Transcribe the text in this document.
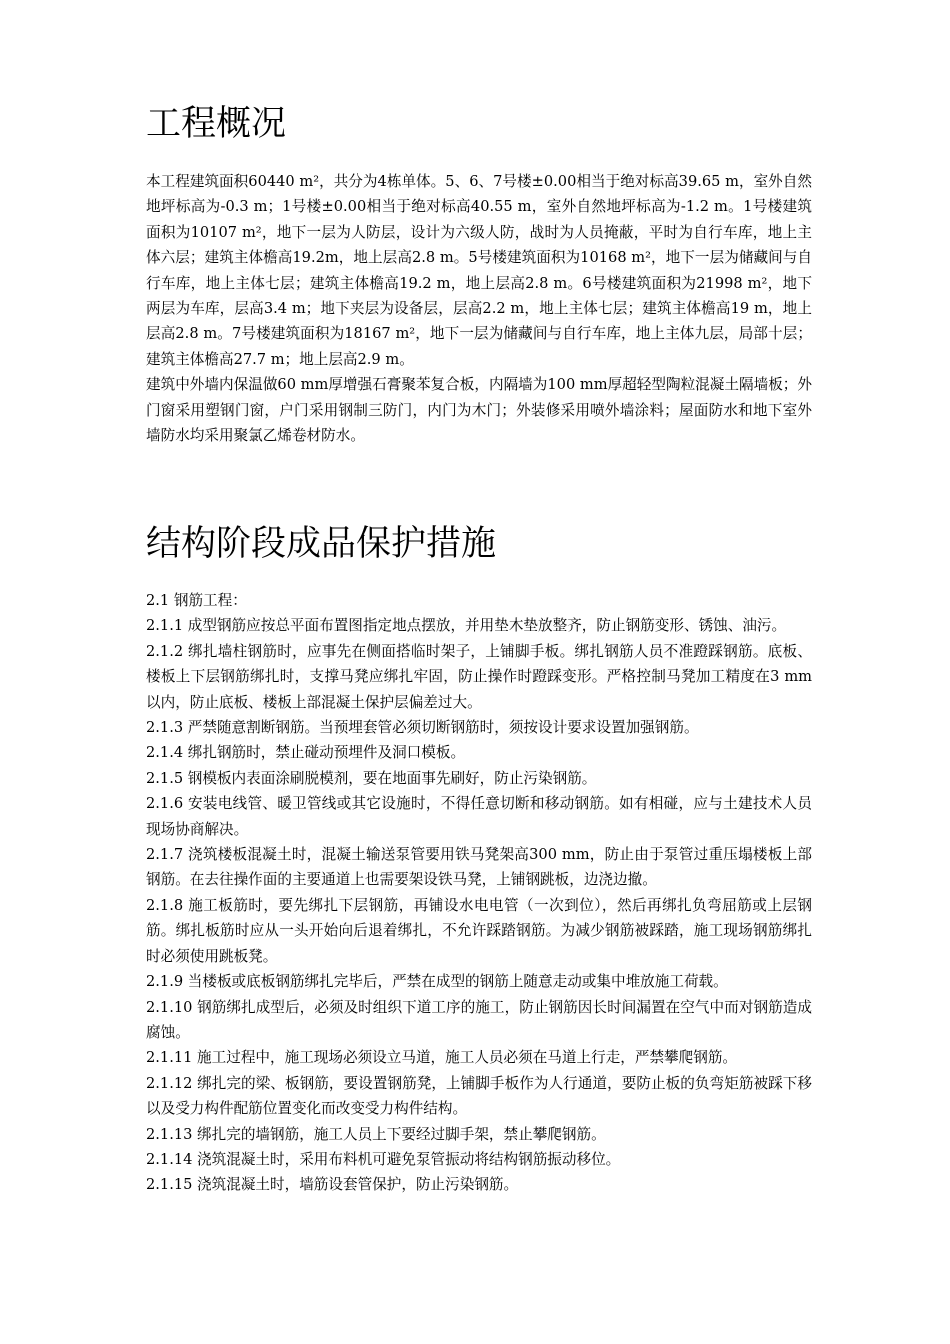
工程概况

本工程建筑面积60440 m²，共分为4栋单体。5、6、7号楼±0.00相当于绝对标高39.65 m，室外自然地坪标高为-0.3 m；1号楼±0.00相当于绝对标高40.55 m，室外自然地坪标高为-1.2 m。1号楼建筑面积为10107 m²，地下一层为人防层，设计为六级人防，战时为人员掩蔽，平时为自行车库，地上主体六层；建筑主体檐高19.2m，地上层高2.8 m。5号楼建筑面积为10168 m²，地下一层为储藏间与自行车库，地上主体七层；建筑主体檐高19.2 m，地上层高2.8 m。6号楼建筑面积为21998 m²，地下两层为车库，层高3.4 m；地下夹层为设备层，层高2.2 m，地上主体七层；建筑主体檐高19 m，地上层高2.8 m。7号楼建筑面积为18167 m²，地下一层为储藏间与自行车库，地上主体九层，局部十层；建筑主体檐高27.7 m；地上层高2.9 m。

建筑中外墙内保温做60 mm厚增强石膏聚苯复合板，内隔墙为100 mm厚超轻型陶粒混凝土隔墙板；外门窗采用塑钢门窗，户门采用钢制三防门，内门为木门；外装修采用喷外墙涂料；屋面防水和地下室外墙防水均采用聚氯乙烯卷材防水。

结构阶段成品保护措施

2.1 钢筋工程：

2.1.1 成型钢筋应按总平面布置图指定地点摆放，并用垫木垫放整齐，防止钢筋变形、锈蚀、油污。

2.1.2 绑扎墙柱钢筋时，应事先在侧面搭临时架子，上铺脚手板。绑扎钢筋人员不准蹬踩钢筋。底板、楼板上下层钢筋绑扎时，支撑马凳应绑扎牢固，防止操作时蹬踩变形。严格控制马凳加工精度在3 mm以内，防止底板、楼板上部混凝土保护层偏差过大。

2.1.3 严禁随意割断钢筋。当预埋套管必须切断钢筋时，须按设计要求设置加强钢筋。

2.1.4 绑扎钢筋时，禁止碰动预埋件及洞口模板。

2.1.5 钢模板内表面涂刷脱模剂，要在地面事先刷好，防止污染钢筋。

2.1.6 安装电线管、暖卫管线或其它设施时，不得任意切断和移动钢筋。如有相碰，应与土建技术人员现场协商解决。

2.1.7 浇筑楼板混凝土时，混凝土输送泵管要用铁马凳架高300 mm，防止由于泵管过重压塌楼板上部钢筋。在去往操作面的主要通道上也需要架设铁马凳，上铺钢跳板，边浇边撤。

2.1.8 施工板筋时，要先绑扎下层钢筋，再铺设水电电管（一次到位），然后再绑扎负弯屈筋或上层钢筋。绑扎板筋时应从一头开始向后退着绑扎，不允许踩踏钢筋。为减少钢筋被踩踏，施工现场钢筋绑扎时必须使用跳板凳。

2.1.9 当楼板或底板钢筋绑扎完毕后，严禁在成型的钢筋上随意走动或集中堆放施工荷载。

2.1.10 钢筋绑扎成型后，必须及时组织下道工序的施工，防止钢筋因长时间漏置在空气中而对钢筋造成腐蚀。

2.1.11 施工过程中，施工现场必须设立马道，施工人员必须在马道上行走，严禁攀爬钢筋。

2.1.12 绑扎完的梁、板钢筋，要设置钢筋凳，上铺脚手板作为人行通道，要防止板的负弯矩筋被踩下移以及受力构件配筋位置变化而改变受力构件结构。

2.1.13 绑扎完的墙钢筋，施工人员上下要经过脚手架，禁止攀爬钢筋。

2.1.14 浇筑混凝土时，采用布料机可避免泵管振动将结构钢筋振动移位。

2.1.15 浇筑混凝土时，墙筋设套管保护，防止污染钢筋。
